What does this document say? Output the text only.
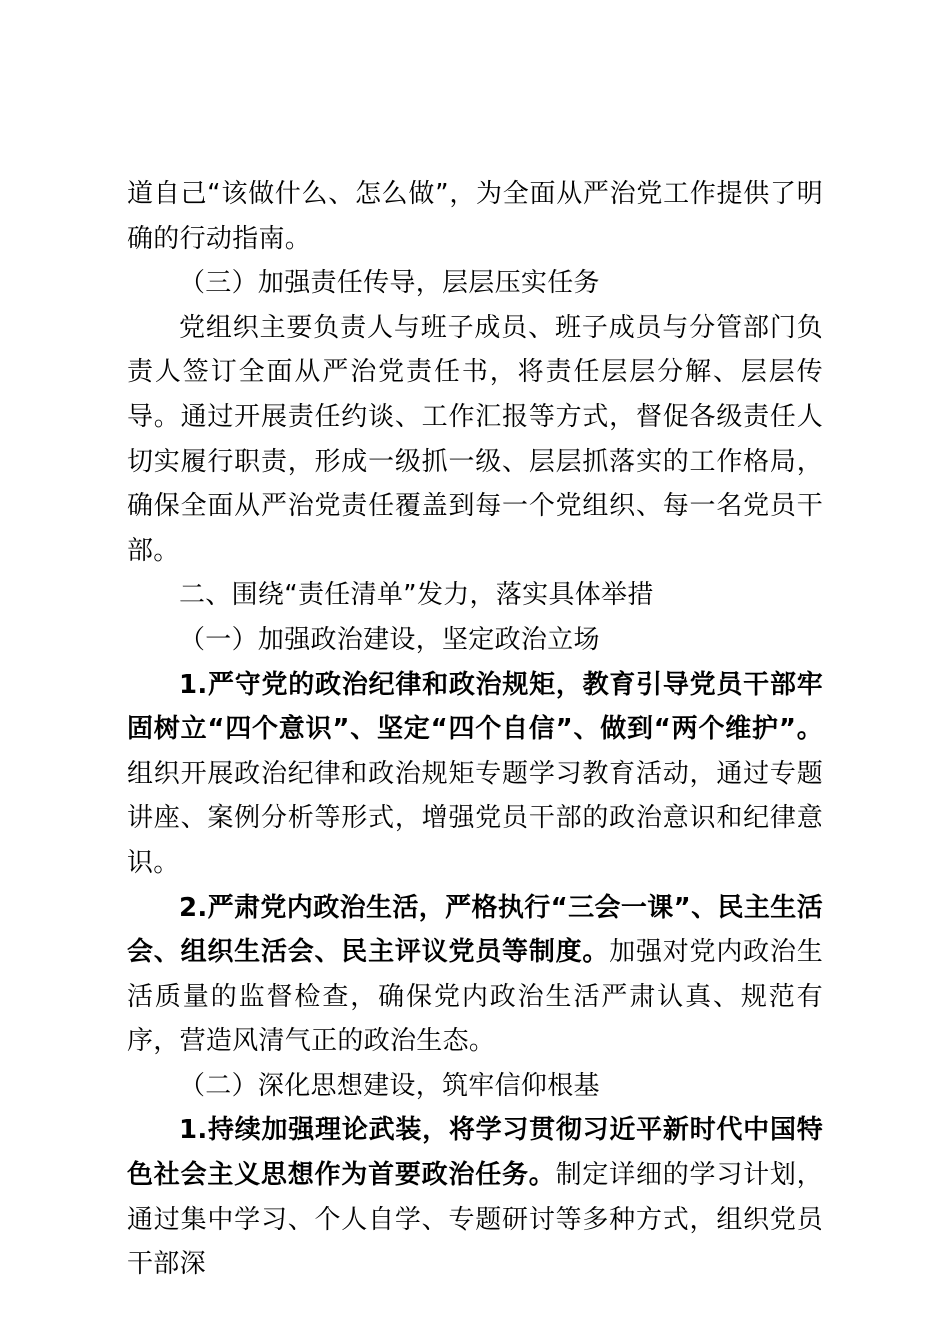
道自己“该做什么、怎么做”，为全面从严治党工作提供了明确的行动指南。

（三）加强责任传导，层层压实任务

党组织主要负责人与班子成员、班子成员与分管部门负责人签订全面从严治党责任书，将责任层层分解、层层传导。通过开展责任约谈、工作汇报等方式，督促各级责任人切实履行职责，形成一级抓一级、层层抓落实的工作格局，确保全面从严治党责任覆盖到每一个党组织、每一名党员干部。

二、围绕“责任清单”发力，落实具体举措

（一）加强政治建设，坚定政治立场

1.严守党的政治纪律和政治规矩，教育引导党员干部牢固树立“四个意识”、坚定“四个自信”、做到“两个维护”。组织开展政治纪律和政治规矩专题学习教育活动，通过专题讲座、案例分析等形式，增强党员干部的政治意识和纪律意识。

2.严肃党内政治生活，严格执行“三会一课”、民主生活会、组织生活会、民主评议党员等制度。加强对党内政治生活质量的监督检查，确保党内政治生活严肃认真、规范有序，营造风清气正的政治生态。

（二）深化思想建设，筑牢信仰根基

1.持续加强理论武装，将学习贯彻习近平新时代中国特色社会主义思想作为首要政治任务。制定详细的学习计划，通过集中学习、个人自学、专题研讨等多种方式，组织党员干部深
